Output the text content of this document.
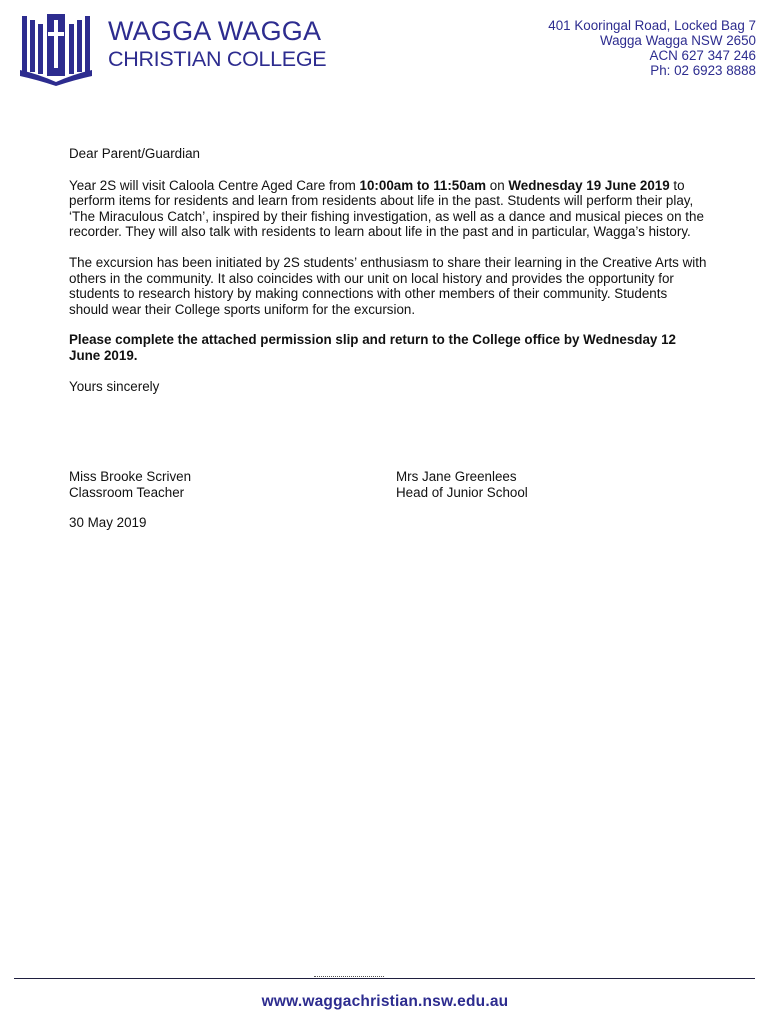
WAGGA WAGGA
CHRISTIAN COLLEGE
401 Kooringal Road, Locked Bag 7
Wagga Wagga NSW 2650
ACN 627 347 246
Ph: 02 6923 8888

Dear Parent/Guardian

Year 2S will visit Caloola Centre Aged Care from 10:00am to 11:50am on Wednesday 19 June 2019 to perform items for residents and learn from residents about life in the past. Students will perform their play, ‘The Miraculous Catch’, inspired by their fishing investigation, as well as a dance and musical pieces on the recorder. They will also talk with residents to learn about life in the past and in particular, Wagga’s history.

The excursion has been initiated by 2S students’ enthusiasm to share their learning in the Creative Arts with others in the community. It also coincides with our unit on local history and provides the opportunity for students to research history by making connections with other members of their community. Students should wear their College sports uniform for the excursion.

Please complete the attached permission slip and return to the College office by Wednesday 12 June 2019.

Yours sincerely

Miss Brooke Scriven
Classroom Teacher
Mrs Jane Greenlees
Head of Junior School
30 May 2019
www.waggachristian.nsw.edu.au
